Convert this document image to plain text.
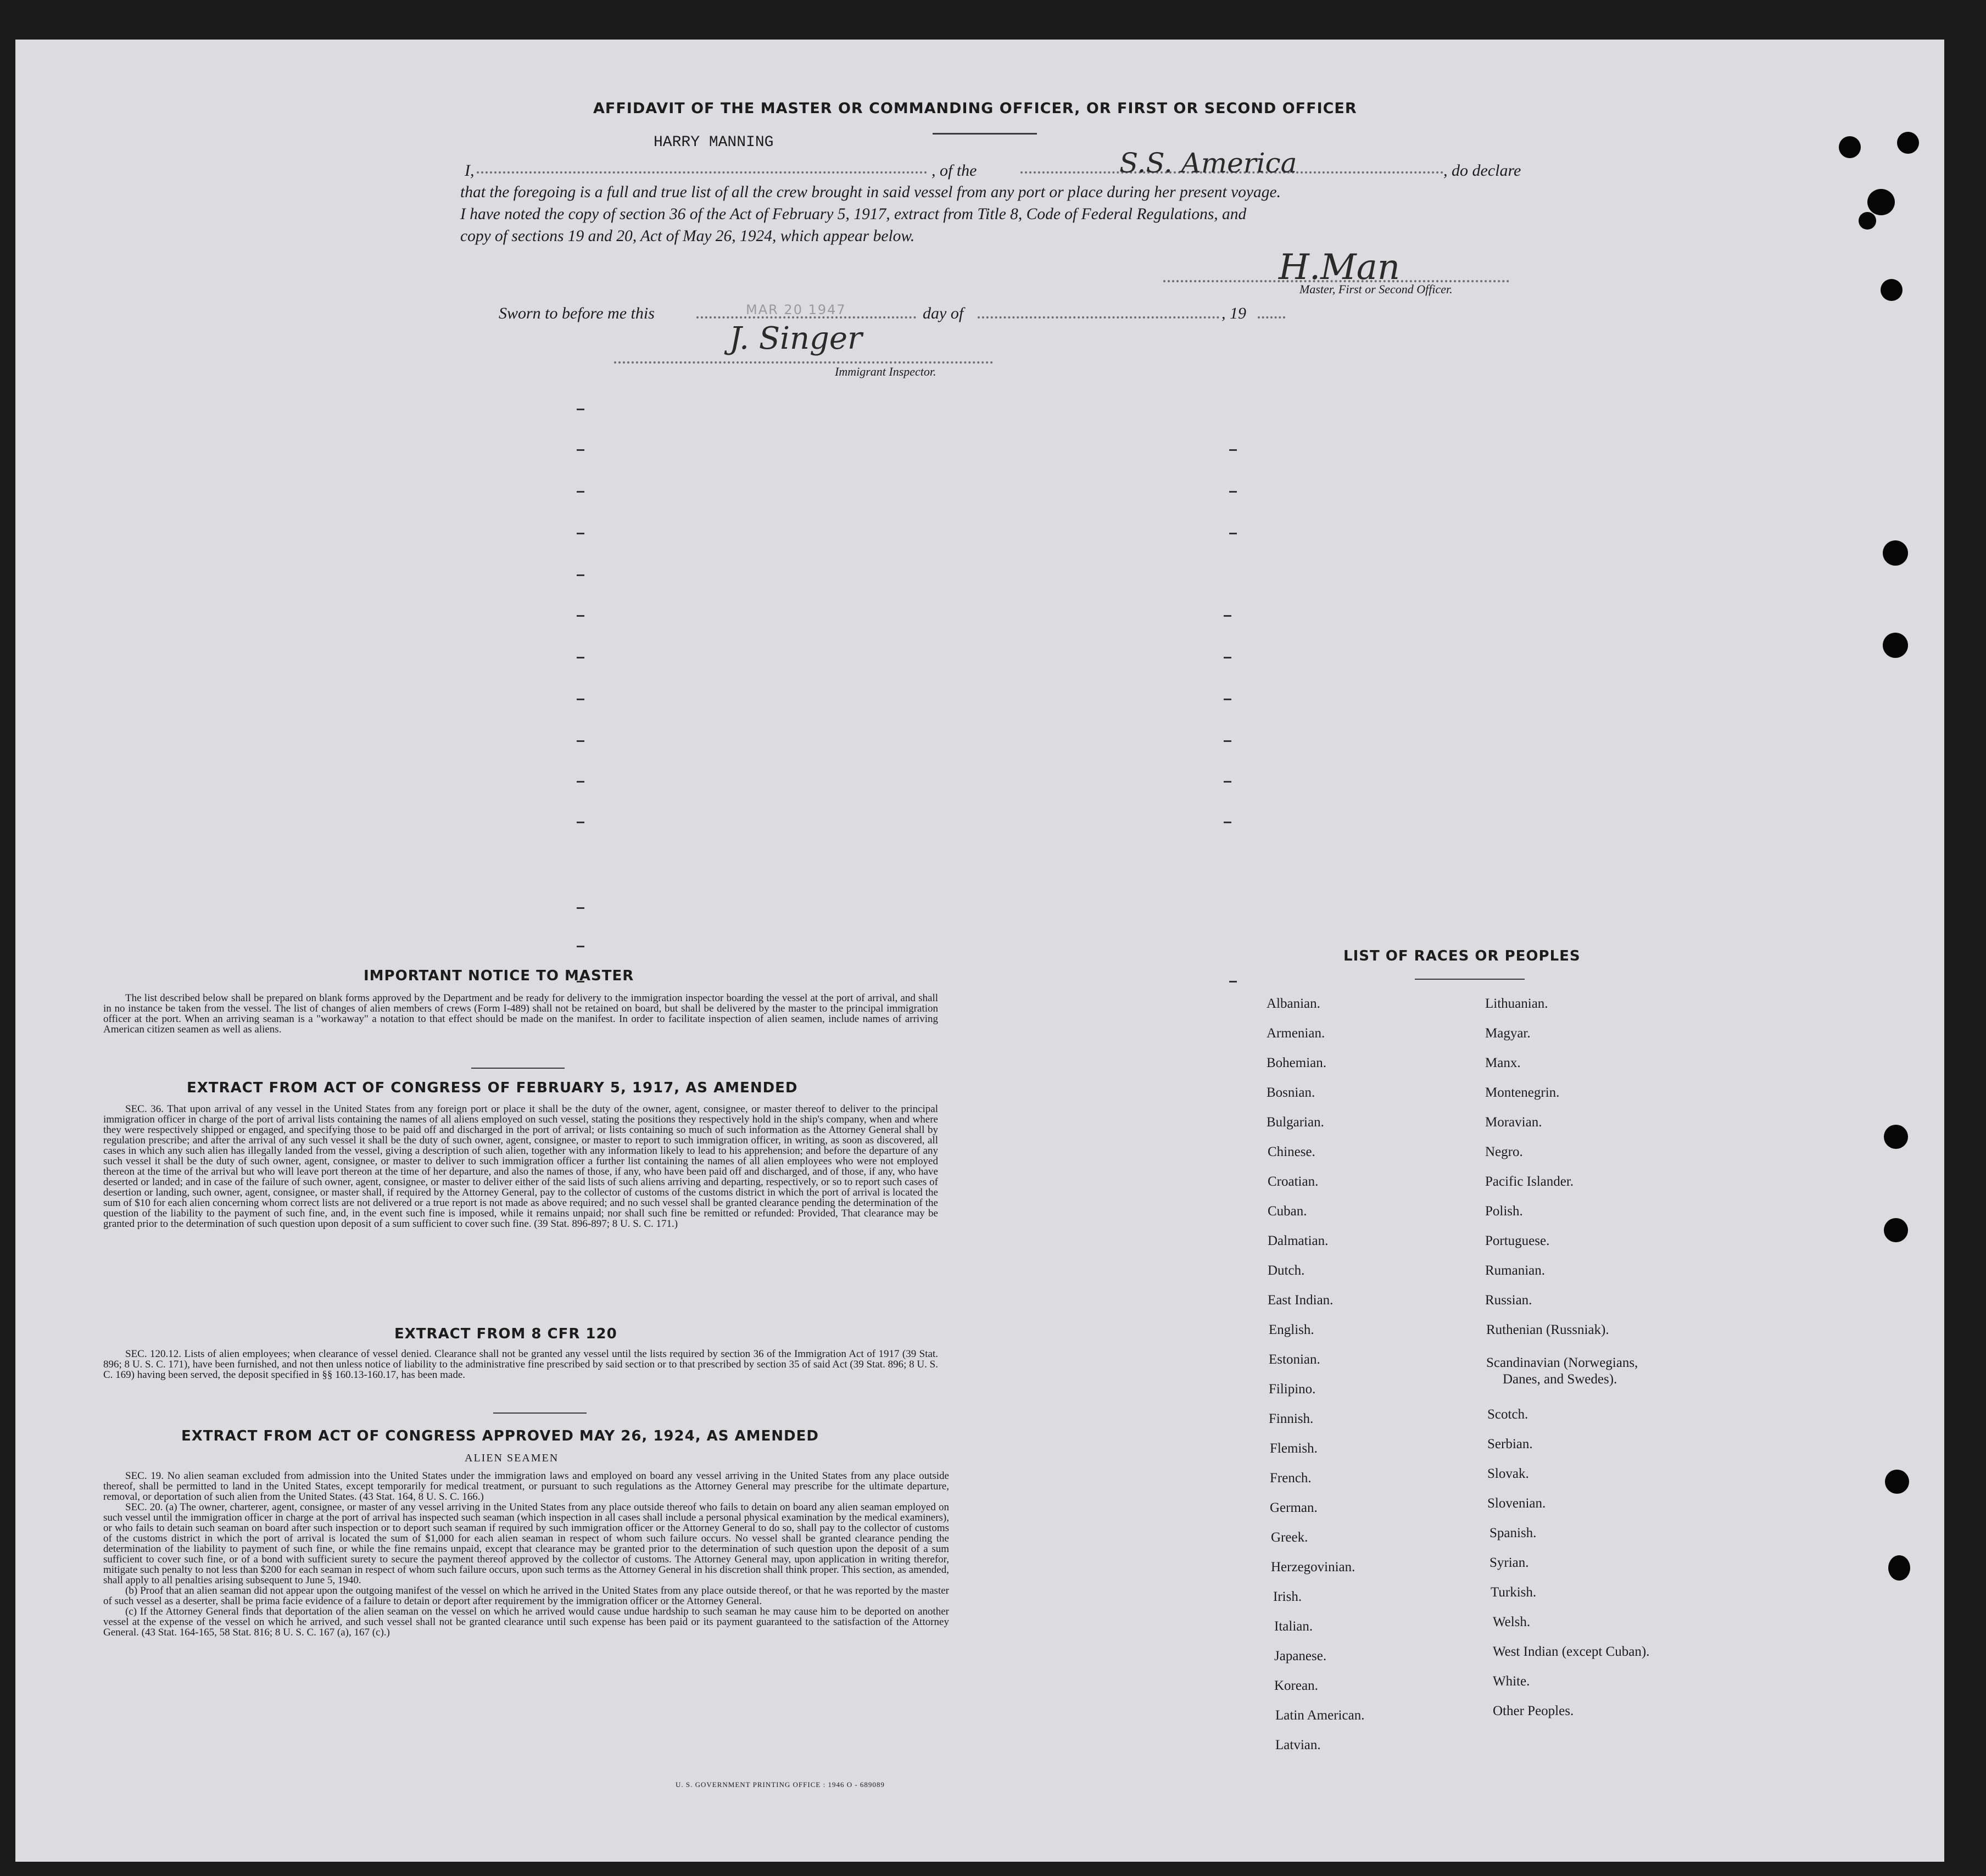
AFFIDAVIT OF THE MASTER OR COMMANDING OFFICER, OR FIRST OR SECOND OFFICER
HARRY MANNING
I,	, of the	S.S. America	, do declare
that the foregoing is a full and true list of all the crew brought in said vessel from any port or place during her present voyage.
I have noted the copy of section 36 of the Act of February 5, 1917, extract from Title 8, Code of Federal Regulations, and
copy of sections 19 and 20, Act of May 26, 1924, which appear below.
H.Man
Master, First or Second Officer.
Sworn to before me this	MAR 20 1947	day of	, 19
J. Singer
Immigrant Inspector.
IMPORTANT NOTICE TO MASTER

The list described below shall be prepared on blank forms approved by the Department and be ready for delivery to the immigration inspector boarding the vessel at the port of arrival, and shall in no instance be taken from the vessel. The list of changes of alien members of crews (Form I-489) shall not be retained on board, but shall be delivered by the master to the principal immigration officer at the port. When an arriving seaman is a "workaway" a notation to that effect should be made on the manifest. In order to facilitate inspection of alien seamen, include names of arriving American citizen seamen as well as aliens.

EXTRACT FROM ACT OF CONGRESS OF FEBRUARY 5, 1917, AS AMENDED

SEC. 36. That upon arrival of any vessel in the United States from any foreign port or place it shall be the duty of the owner, agent, consignee, or master thereof to deliver to the principal immigration officer in charge of the port of arrival lists containing the names of all aliens employed on such vessel, stating the positions they respectively hold in the ship's company, when and where they were respectively shipped or engaged, and specifying those to be paid off and discharged in the port of arrival; or lists containing so much of such information as the Attorney General shall by regulation prescribe; and after the arrival of any such vessel it shall be the duty of such owner, agent, consignee, or master to report to such immigration officer, in writing, as soon as discovered, all cases in which any such alien has illegally landed from the vessel, giving a description of such alien, together with any information likely to lead to his apprehension; and before the departure of any such vessel it shall be the duty of such owner, agent, consignee, or master to deliver to such immigration officer a further list containing the names of all alien employees who were not employed thereon at the time of the arrival but who will leave port thereon at the time of her departure, and also the names of those, if any, who have been paid off and discharged, and of those, if any, who have deserted or landed; and in case of the failure of such owner, agent, consignee, or master to deliver either of the said lists of such aliens arriving and departing, respectively, or so to report such cases of desertion or landing, such owner, agent, consignee, or master shall, if required by the Attorney General, pay to the collector of customs of the customs district in which the port of arrival is located the sum of $10 for each alien concerning whom correct lists are not delivered or a true report is not made as above required; and no such vessel shall be granted clearance pending the determination of the question of the liability to the payment of such fine, and, in the event such fine is imposed, while it remains unpaid; nor shall such fine be remitted or refunded: Provided, That clearance may be granted prior to the determination of such question upon deposit of a sum sufficient to cover such fine. (39 Stat. 896-897; 8 U. S. C. 171.)

EXTRACT FROM 8 CFR 120

SEC. 120.12. Lists of alien employees; when clearance of vessel denied. Clearance shall not be granted any vessel until the lists required by section 36 of the Immigration Act of 1917 (39 Stat. 896; 8 U. S. C. 171), have been furnished, and not then unless notice of liability to the administrative fine prescribed by said section or to that prescribed by section 35 of said Act (39 Stat. 896; 8 U. S. C. 169) having been served, the deposit specified in §§ 160.13-160.17, has been made.

EXTRACT FROM ACT OF CONGRESS APPROVED MAY 26, 1924, AS AMENDED
ALIEN SEAMEN

SEC. 19. No alien seaman excluded from admission into the United States under the immigration laws and employed on board any vessel arriving in the United States from any place outside thereof, shall be permitted to land in the United States, except temporarily for medical treatment, or pursuant to such regulations as the Attorney General may prescribe for the ultimate departure, removal, or deportation of such alien from the United States. (43 Stat. 164, 8 U. S. C. 166.)

SEC. 20. (a) The owner, charterer, agent, consignee, or master of any vessel arriving in the United States from any place outside thereof who fails to detain on board any alien seaman employed on such vessel until the immigration officer in charge at the port of arrival has inspected such seaman (which inspection in all cases shall include a personal physical examination by the medical examiners), or who fails to detain such seaman on board after such inspection or to deport such seaman if required by such immigration officer or the Attorney General to do so, shall pay to the collector of customs of the customs district in which the port of arrival is located the sum of $1,000 for each alien seaman in respect of whom such failure occurs. No vessel shall be granted clearance pending the determination of the liability to payment of such fine, or while the fine remains unpaid, except that clearance may be granted prior to the determination of such question upon the deposit of a sum sufficient to cover such fine, or of a bond with sufficient surety to secure the payment thereof approved by the collector of customs. The Attorney General may, upon application in writing therefor, mitigate such penalty to not less than $200 for each seaman in respect of whom such failure occurs, upon such terms as the Attorney General in his discretion shall think proper. This section, as amended, shall apply to all penalties arising subsequent to June 5, 1940.

(b) Proof that an alien seaman did not appear upon the outgoing manifest of the vessel on which he arrived in the United States from any place outside thereof, or that he was reported by the master of such vessel as a deserter, shall be prima facie evidence of a failure to detain or deport after requirement by the immigration officer or the Attorney General.

(c) If the Attorney General finds that deportation of the alien seaman on the vessel on which he arrived would cause undue hardship to such seaman he may cause him to be deported on another vessel at the expense of the vessel on which he arrived, and such vessel shall not be granted clearance until such expense has been paid or its payment guaranteed to the satisfaction of the Attorney General. (43 Stat. 164-165, 58 Stat. 816; 8 U. S. C. 167 (a), 167 (c).)

U. S. GOVERNMENT PRINTING OFFICE : 1946 O - 689089
LIST OF RACES OR PEOPLES
Albanian.
Armenian.
Bohemian.
Bosnian.
Bulgarian.
Chinese.
Croatian.
Cuban.
Dalmatian.
Dutch.
East Indian.
English.
Estonian.
Filipino.
Finnish.
Flemish.
French.
German.
Greek.
Herzegovinian.
Irish.
Italian.
Japanese.
Korean.
Latin American.
Latvian.
Lithuanian.
Magyar.
Manx.
Montenegrin.
Moravian.
Negro.
Pacific Islander.
Polish.
Portuguese.
Rumanian.
Russian.
Ruthenian (Russniak).
Scandinavian (Norwegians,
Danes, and Swedes).
Scotch.
Serbian.
Slovak.
Slovenian.
Spanish.
Syrian.
Turkish.
Welsh.
West Indian (except Cuban).
White.
Other Peoples.
